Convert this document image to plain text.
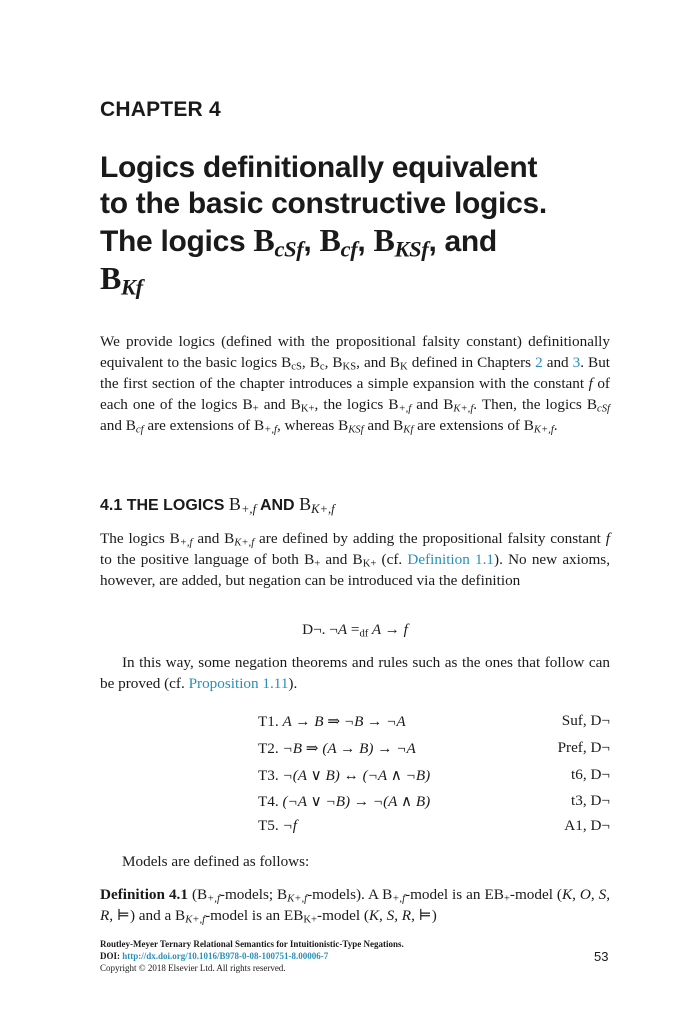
CHAPTER 4
Logics definitionally equivalent
to the basic constructive logics.
The logics $B_{cSf}$, $B_{cf}$, $B_{KSf}$, and
$B_{Kf}$
We provide logics (defined with the propositional falsity constant) definitionally equivalent to the basic logics $B_{cS}$, $B_c$, $B_{KS}$, and $B_K$ defined in Chapters 2 and 3. But the first section of the chapter introduces a simple expansion with the constant f of each one of the logics $B_+$ and $B_{K+}$, the logics $B_{+,f}$ and $B_{K+,f}$. Then, the logics $B_{cSf}$ and $B_{cf}$ are extensions of $B_{+,f}$, whereas $B_{KSf}$ and $B_{Kf}$ are extensions of $B_{K+,f}$.
4.1 THE LOGICS $B_{+,f}$ AND $B_{K+,f}$
The logics $B_{+,f}$ and $B_{K+,f}$ are defined by adding the propositional falsity constant f to the positive language of both $B_+$ and $B_{K+}$ (cf. Definition 1.1). No new axioms, however, are added, but negation can be introduced via the definition
D¬. ¬A $=_{df}$ A → f
In this way, some negation theorems and rules such as the ones that follow can be proved (cf. Proposition 1.11).
T1. A → B ⇒ ¬B → ¬A	Suf, D¬
T2. ¬B ⇒ (A → B) → ¬A	Pref, D¬
T3. ¬(A ∨ B) ↔ (¬A ∧ ¬B)	t6, D¬
T4. (¬A ∨ ¬B) → ¬(A ∧ B)	t3, D¬
T5. ¬f	A1, D¬
Models are defined as follows:
Definition 4.1 ($B_{+,f}$-models; $B_{K+,f}-models$). A $B_{+,f}$-model is an $EB_+$-model (K, O, S, R, ⊨) and a $B_{K+,f}$-model is an $EB_{K+}$-model (K, S, R, ⊨)
Routley-Meyer Ternary Relational Semantics for Intuitionistic-Type Negations.
DOI: http://dx.doi.org/10.1016/B978-0-08-100751-8.00006-7
Copyright © 2018 Elsevier Ltd. All rights reserved.
53
